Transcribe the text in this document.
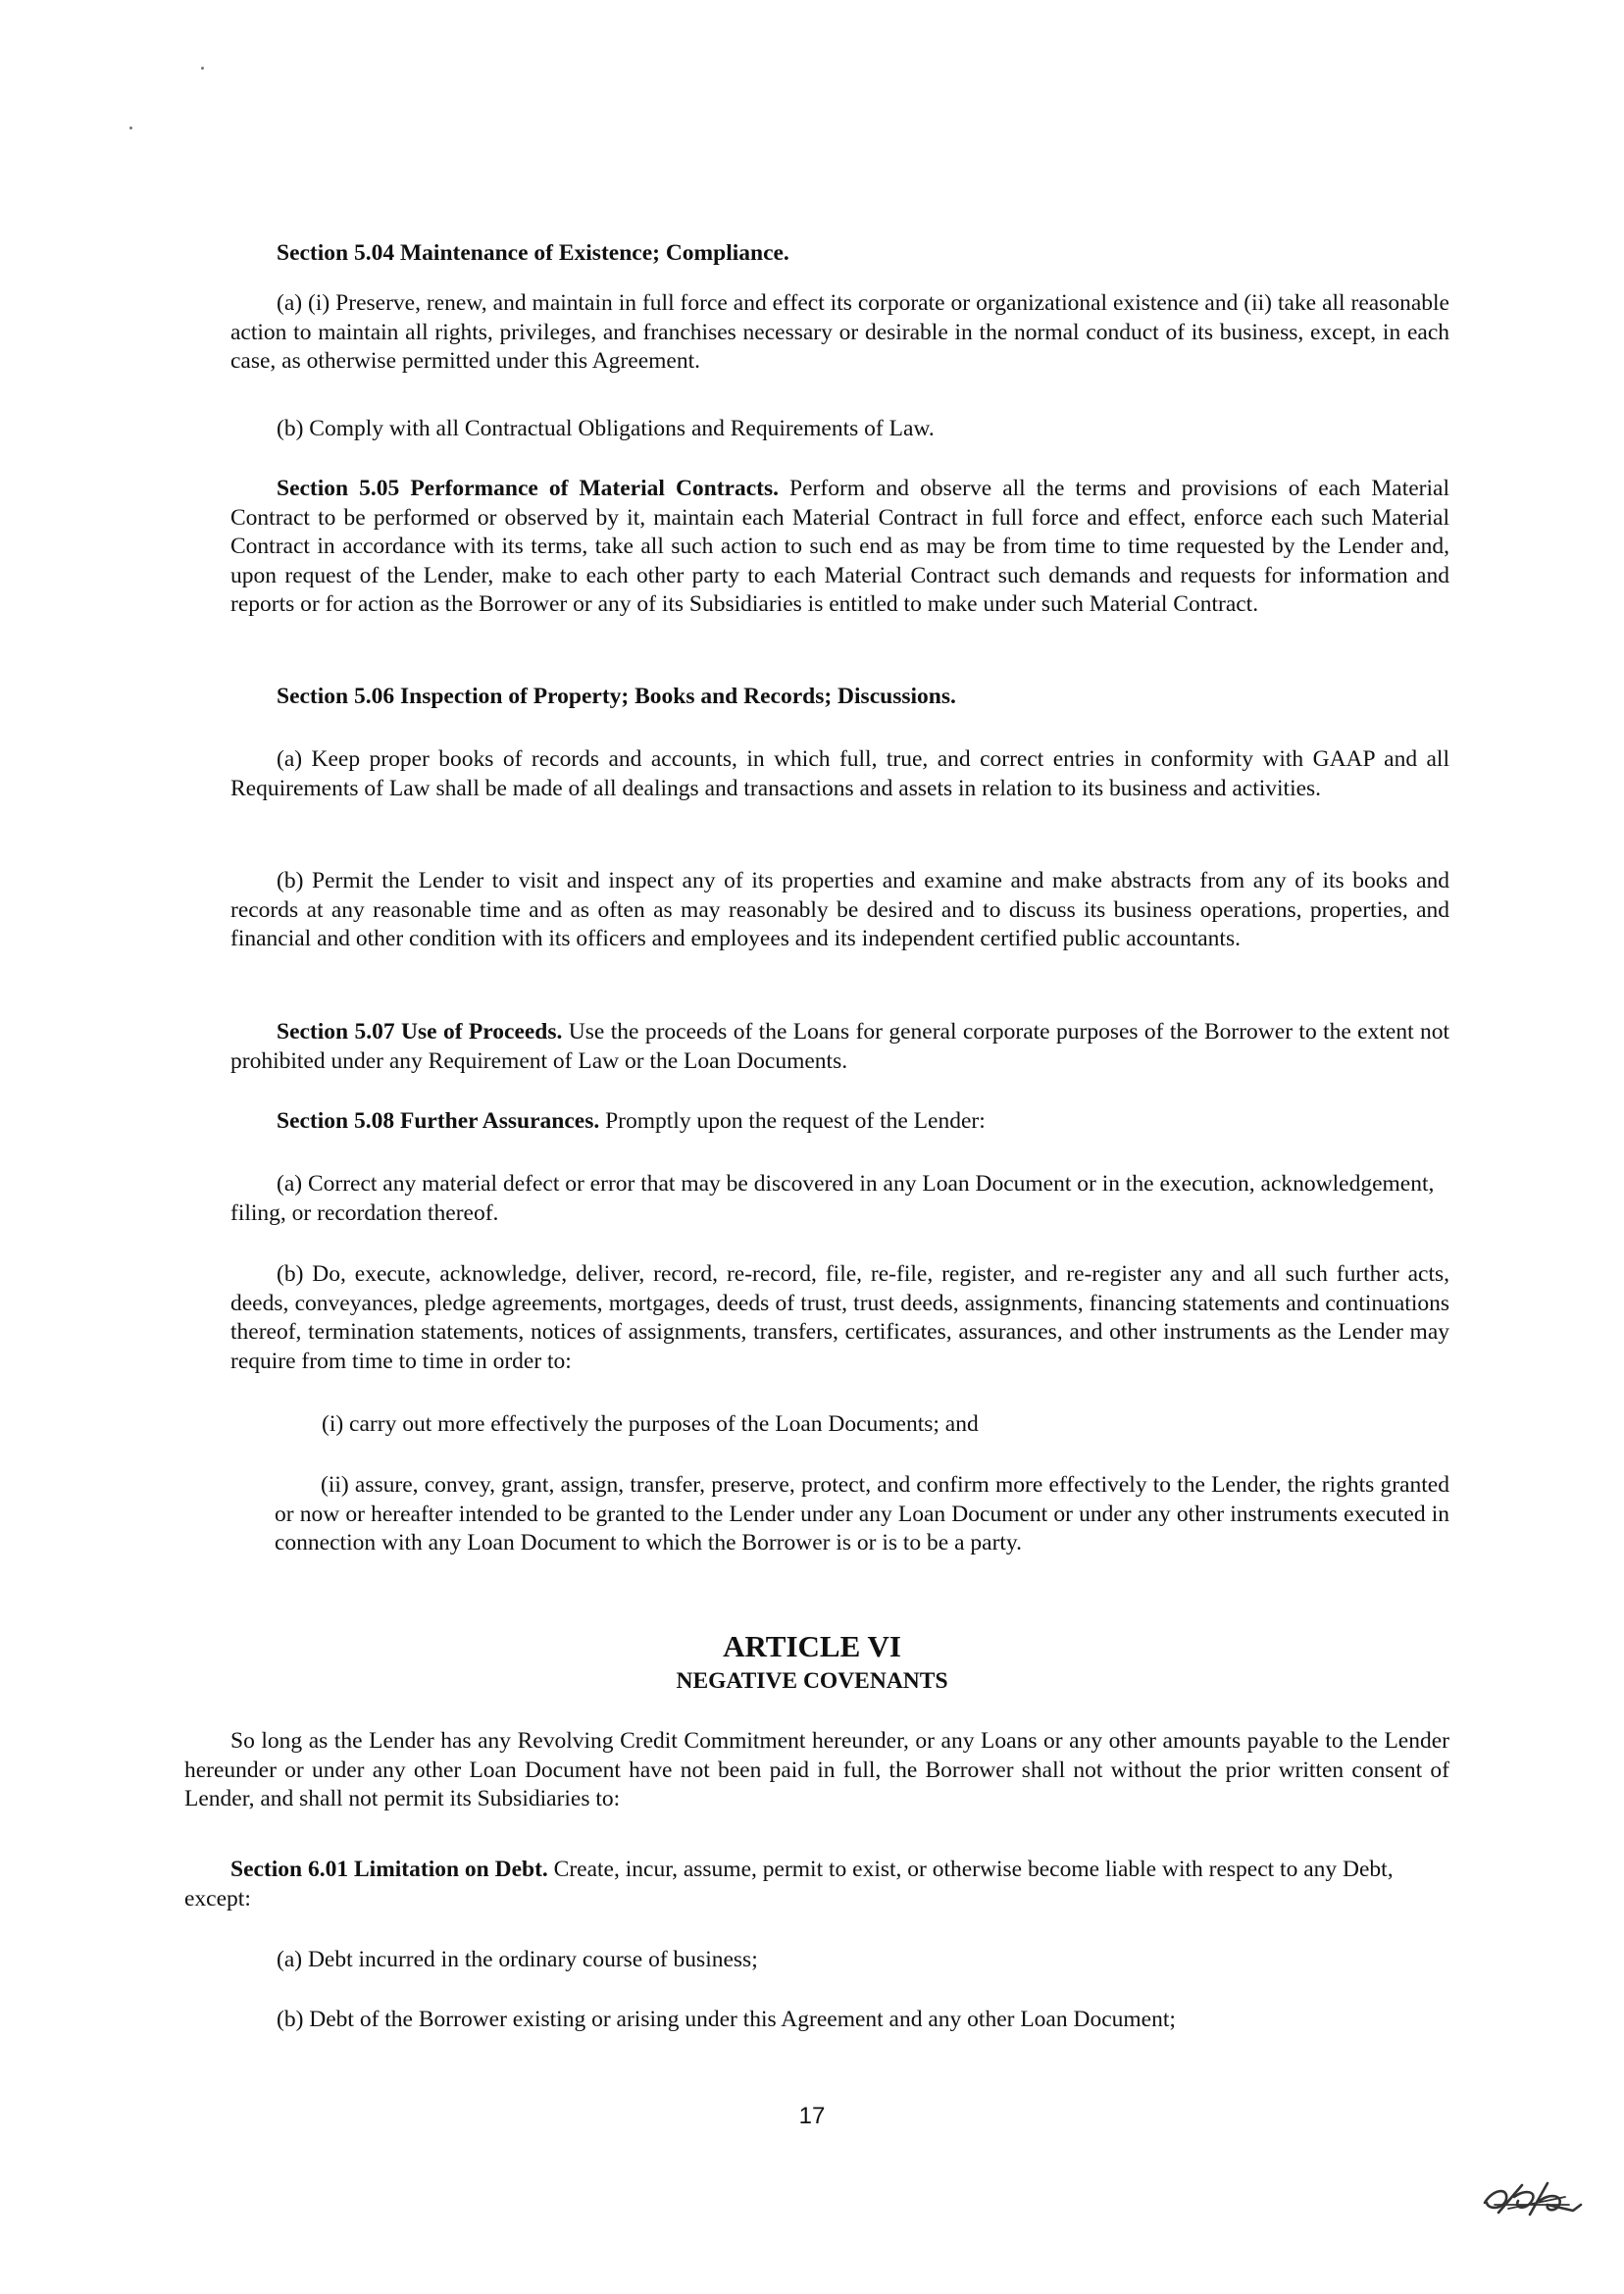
Section 5.04 Maintenance of Existence; Compliance.

(a) (i) Preserve, renew, and maintain in full force and effect its corporate or organizational existence and (ii) take all reasonable action to maintain all rights, privileges, and franchises necessary or desirable in the normal conduct of its business, except, in each case, as otherwise permitted under this Agreement.

(b) Comply with all Contractual Obligations and Requirements of Law.

Section 5.05 Performance of Material Contracts. Perform and observe all the terms and provisions of each Material Contract to be performed or observed by it, maintain each Material Contract in full force and effect, enforce each such Material Contract in accordance with its terms, take all such action to such end as may be from time to time requested by the Lender and, upon request of the Lender, make to each other party to each Material Contract such demands and requests for information and reports or for action as the Borrower or any of its Subsidiaries is entitled to make under such Material Contract.

Section 5.06 Inspection of Property; Books and Records; Discussions.

(a) Keep proper books of records and accounts, in which full, true, and correct entries in conformity with GAAP and all Requirements of Law shall be made of all dealings and transactions and assets in relation to its business and activities.

(b) Permit the Lender to visit and inspect any of its properties and examine and make abstracts from any of its books and records at any reasonable time and as often as may reasonably be desired and to discuss its business operations, properties, and financial and other condition with its officers and employees and its independent certified public accountants.

Section 5.07 Use of Proceeds. Use the proceeds of the Loans for general corporate purposes of the Borrower to the extent not prohibited under any Requirement of Law or the Loan Documents.

Section 5.08 Further Assurances. Promptly upon the request of the Lender:

(a) Correct any material defect or error that may be discovered in any Loan Document or in the execution, acknowledgement, filing, or recordation thereof.

(b) Do, execute, acknowledge, deliver, record, re-record, file, re-file, register, and re-register any and all such further acts, deeds, conveyances, pledge agreements, mortgages, deeds of trust, trust deeds, assignments, financing statements and continuations thereof, termination statements, notices of assignments, transfers, certificates, assurances, and other instruments as the Lender may require from time to time in order to:

(i) carry out more effectively the purposes of the Loan Documents; and

(ii) assure, convey, grant, assign, transfer, preserve, protect, and confirm more effectively to the Lender, the rights granted or now or hereafter intended to be granted to the Lender under any Loan Document or under any other instruments executed in connection with any Loan Document to which the Borrower is or is to be a party.

ARTICLE VI
NEGATIVE COVENANTS

So long as the Lender has any Revolving Credit Commitment hereunder, or any Loans or any other amounts payable to the Lender hereunder or under any other Loan Document have not been paid in full, the Borrower shall not without the prior written consent of Lender, and shall not permit its Subsidiaries to:

Section 6.01 Limitation on Debt. Create, incur, assume, permit to exist, or otherwise become liable with respect to any Debt, except:

(a) Debt incurred in the ordinary course of business;

(b) Debt of the Borrower existing or arising under this Agreement and any other Loan Document;

17
